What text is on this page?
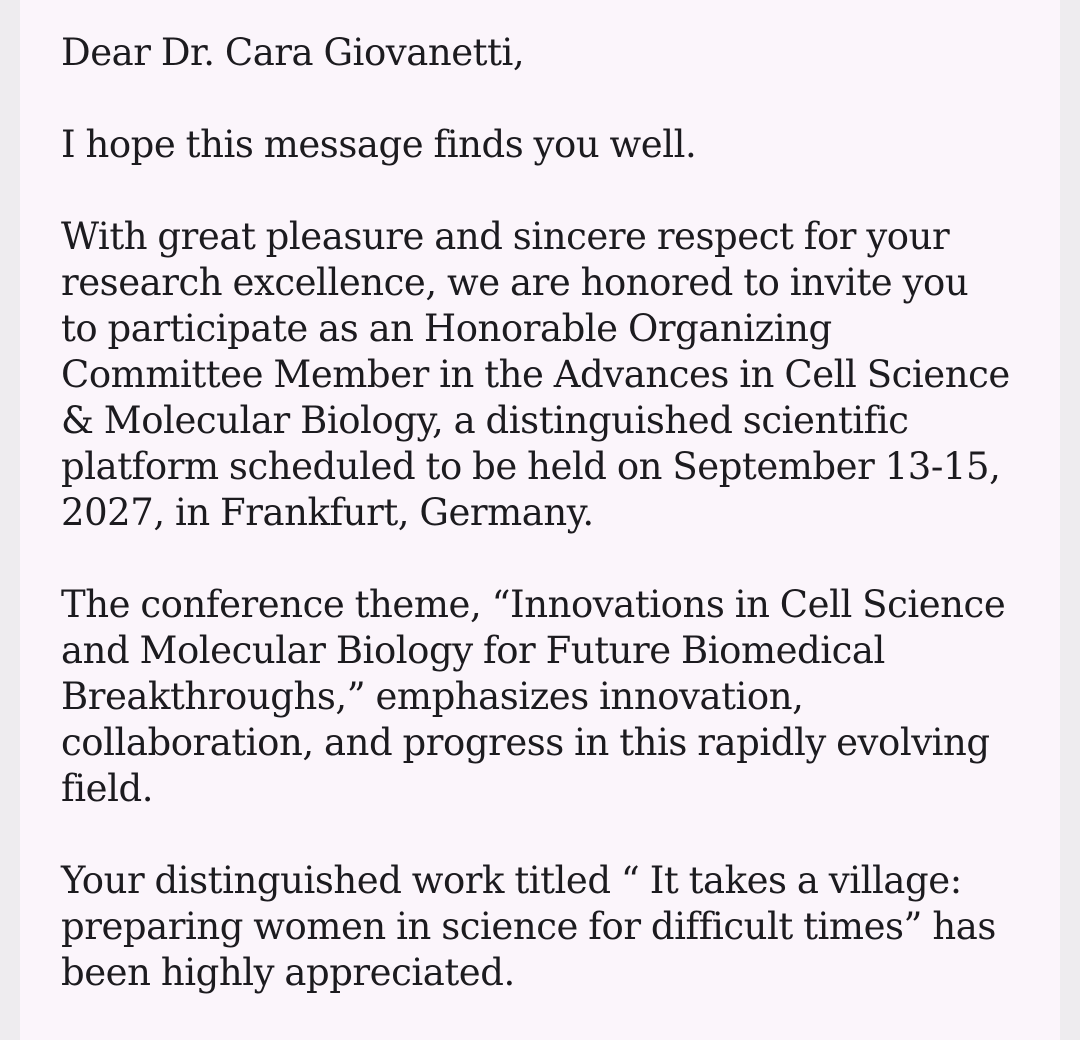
Dear Dr. Cara Giovanetti,
I hope this message finds you well.
With great pleasure and sincere respect for your
research excellence, we are honored to invite you
to participate as an Honorable Organizing
Committee Member in the Advances in Cell Science
& Molecular Biology, a distinguished scientific
platform scheduled to be held on September 13-15,
2027, in Frankfurt, Germany.
The conference theme, “Innovations in Cell Science
and Molecular Biology for Future Biomedical
Breakthroughs,” emphasizes innovation,
collaboration, and progress in this rapidly evolving
field.
Your distinguished work titled “ It takes a village:
preparing women in science for difficult times” has
been highly appreciated.
